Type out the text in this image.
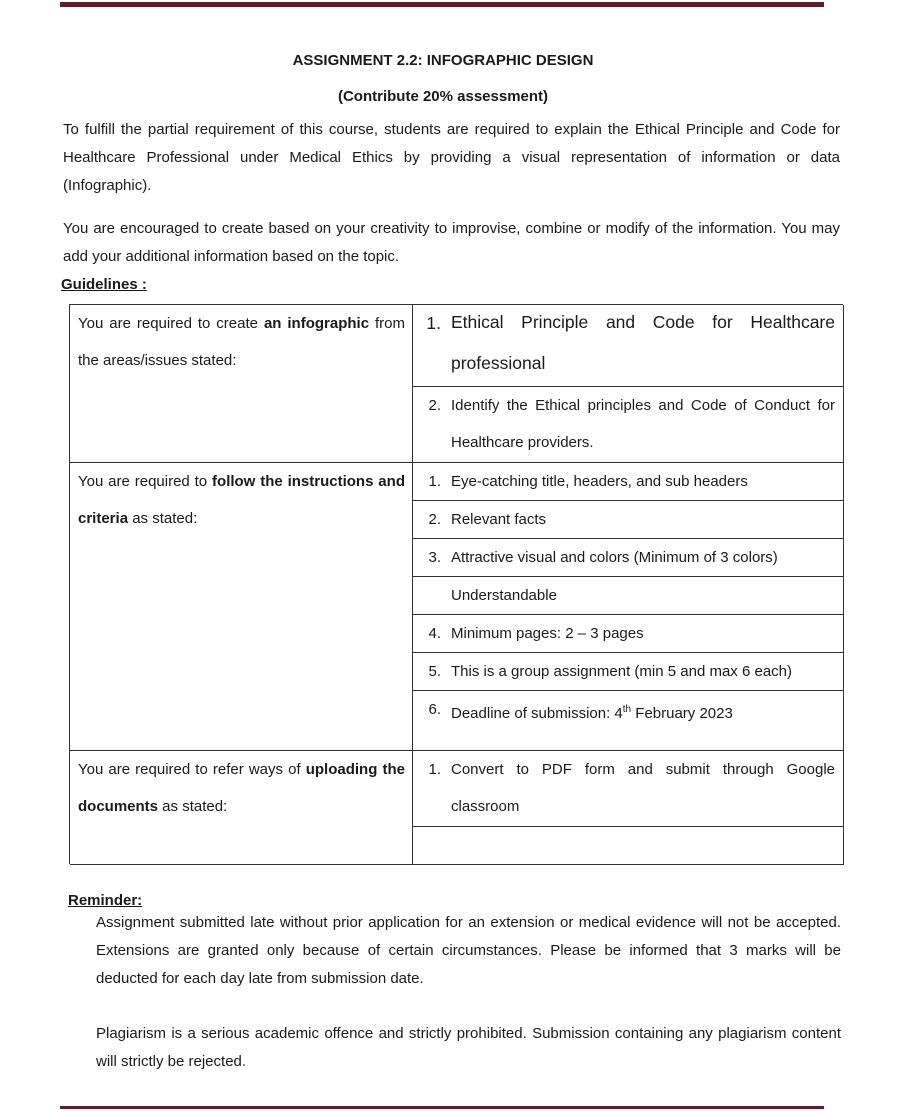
ASSIGNMENT 2.2: INFOGRAPHIC DESIGN
(Contribute 20% assessment)

To fulfill the partial requirement of this course, students are required to explain the Ethical Principle and Code for Healthcare Professional under Medical Ethics by providing a visual representation of information or data (Infographic).

You are encouraged to create based on your creativity to improvise, combine or modify of the information. You may add your additional information based on the topic.

Guidelines :
You are required to create an infographic from the areas/issues stated:
1. Ethical Principle and Code for Healthcare professional
2. Identify the Ethical principles and Code of Conduct for Healthcare providers.
You are required to follow the instructions and criteria as stated:
1. Eye-catching title, headers, and sub headers
2. Relevant facts
3. Attractive visual and colors (Minimum of 3 colors)
Understandable
4. Minimum pages: 2 – 3 pages
5. This is a group assignment (min 5 and max 6 each)
6. Deadline of submission: 4th February 2023
You are required to refer ways of uploading the documents as stated:
1. Convert to PDF form and submit through Google classroom
Reminder:

Assignment submitted late without prior application for an extension or medical evidence will not be accepted. Extensions are granted only because of certain circumstances. Please be informed that 3 marks will be deducted for each day late from submission date.

Plagiarism is a serious academic offence and strictly prohibited. Submission containing any plagiarism content will strictly be rejected.
